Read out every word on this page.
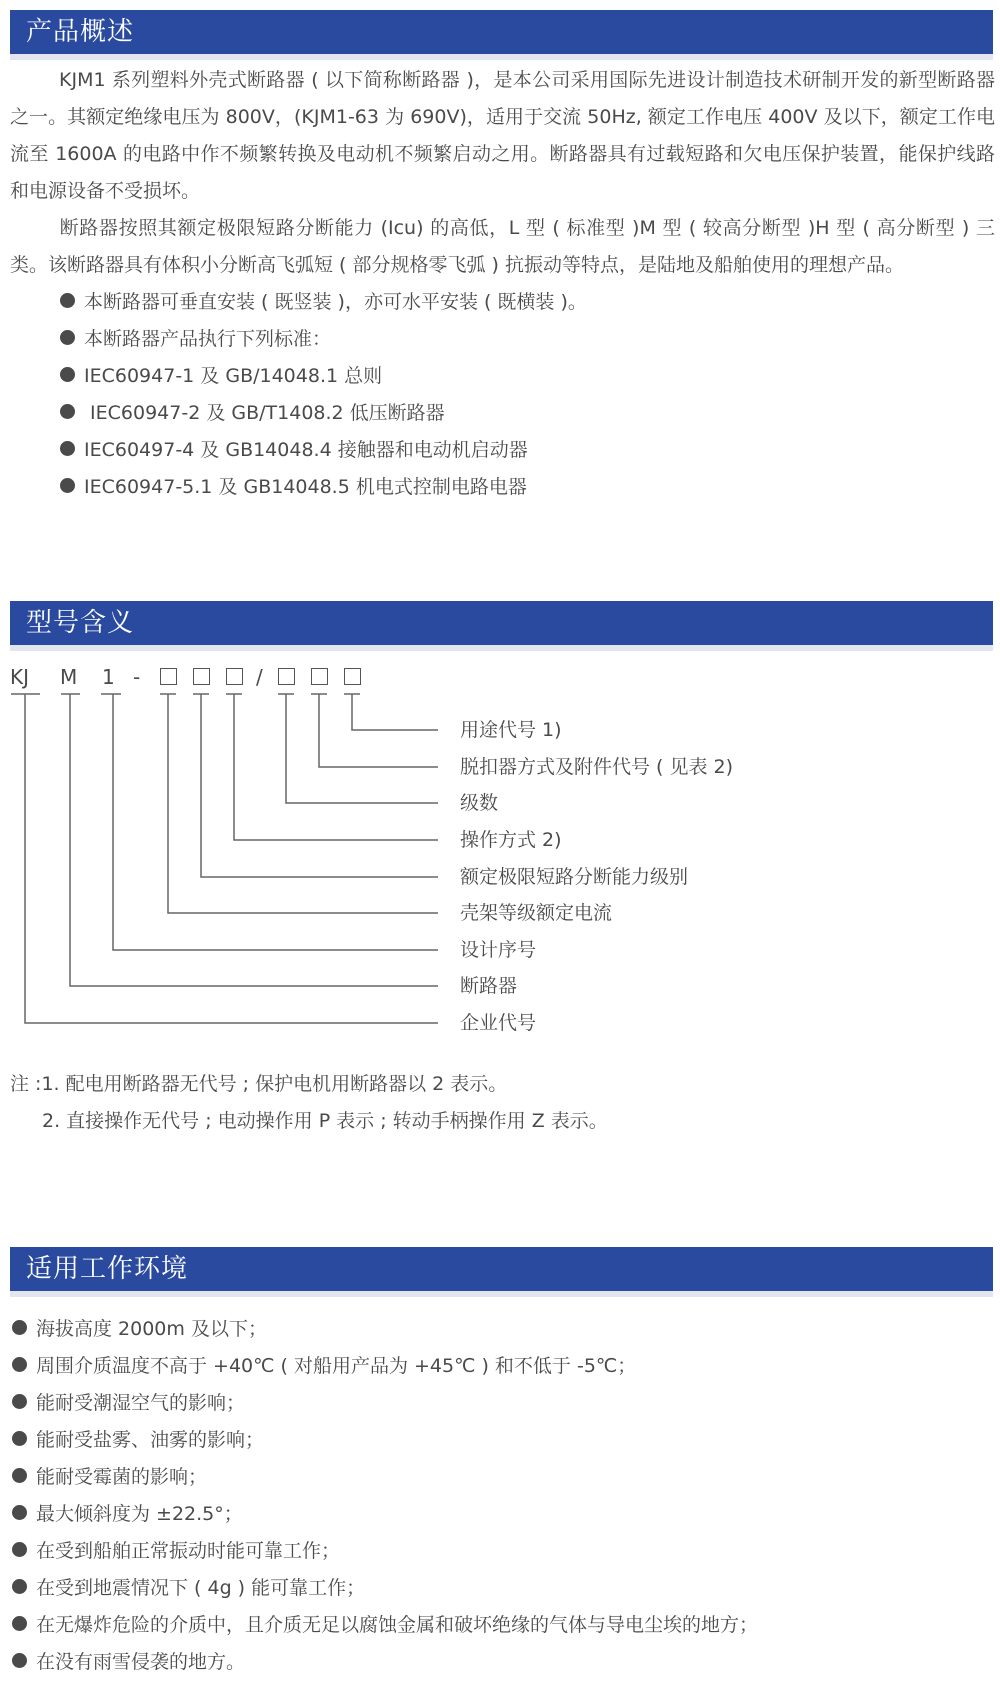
产品概述

KJM1 系列塑料外壳式断路器 ( 以下简称断路器 )，是本公司采用国际先进设计制造技术研制开发的新型断路器之一。其额定绝缘电压为 800V，(KJM1-63 为 690V)，适用于交流 50Hz, 额定工作电压 400V 及以下，额定工作电流至 1600A 的电路中作不频繁转换及电动机不频繁启动之用。断路器具有过载短路和欠电压保护装置，能保护线路和电源设备不受损坏。

断路器按照其额定极限短路分断能力 (Icu) 的高低，L 型 ( 标准型 )M 型 ( 较高分断型 )H 型 ( 高分断型 ) 三类。该断路器具有体积小分断高飞弧短 ( 部分规格零飞弧 ) 抗振动等特点，是陆地及船舶使用的理想产品。

本断路器可垂直安装 ( 既竖装 )，亦可水平安装 ( 既横装 )。
本断路器产品执行下列标准：
IEC60947-1 及 GB/14048.1 总则
IEC60947-2 及 GB/T1408.2 低压断路器
IEC60497-4 及 GB14048.4 接触器和电动机启动器
IEC60947-5.1 及 GB14048.5 机电式控制电路电器
型号含义
KJ M 1 -	/
用途代号 1)
脱扣器方式及附件代号 ( 见表 2)
级数
操作方式 2)
额定极限短路分断能力级别
壳架等级额定电流
设计序号
断路器
企业代号
注 :1. 配电用断路器无代号 ; 保护电机用断路器以 2 表示。
2. 直接操作无代号 ; 电动操作用 P 表示 ; 转动手柄操作用 Z 表示。
适用工作环境
海拔高度 2000m 及以下；
周围介质温度不高于 +40℃ ( 对船用产品为 +45℃ ) 和不低于 -5℃；
能耐受潮湿空气的影响；
能耐受盐雾、油雾的影响；
能耐受霉菌的影响；
最大倾斜度为 ±22.5°；
在受到船舶正常振动时能可靠工作；
在受到地震情况下 ( 4g ) 能可靠工作；
在无爆炸危险的介质中，且介质无足以腐蚀金属和破坏绝缘的气体与导电尘埃的地方；
在没有雨雪侵袭的地方。
